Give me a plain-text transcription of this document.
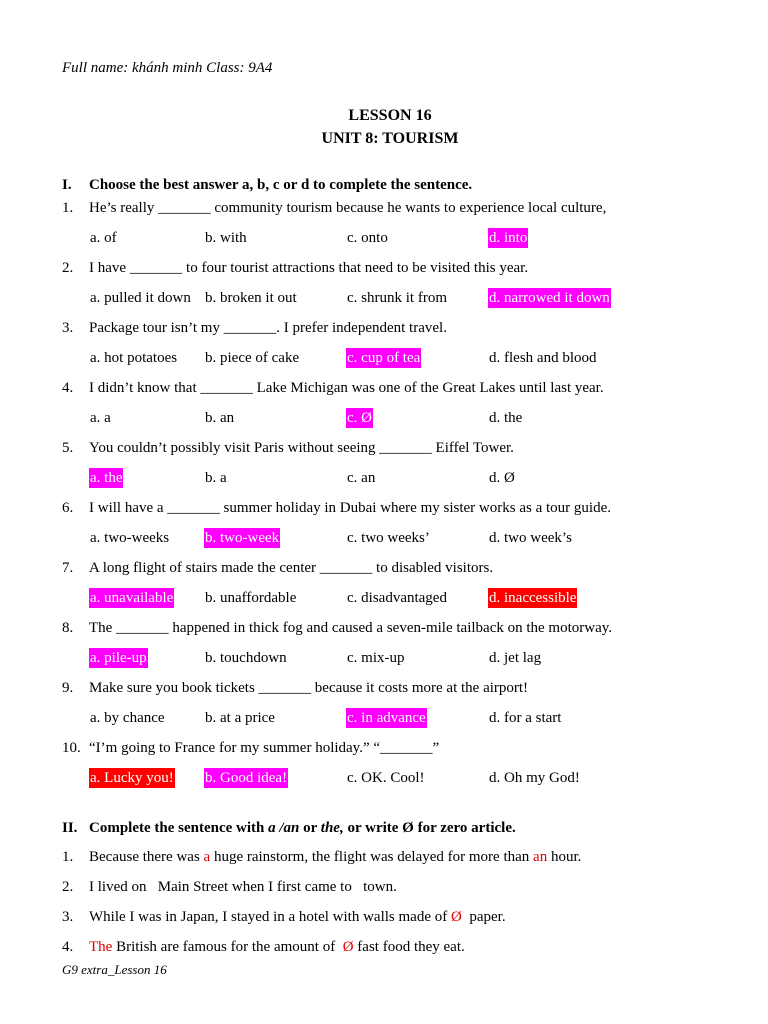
Full name: khánh minh Class: 9A4
LESSON 16
UNIT 8: TOURISM
I. Choose the best answer a, b, c or d to complete the sentence.
1. He’s really _______ community tourism because he wants to experience local culture,
a. of	b. with	c. onto	d. into
2. I have _______ to four tourist attractions that need to be visited this year.
a. pulled it down b. broken it out	c. shrunk it from	d. narrowed it down
3. Package tour isn’t my _______. I prefer independent travel.
a. hot potatoes b. piece of cake	c. cup of tea	d. flesh and blood
4. I didn’t know that _______ Lake Michigan was one of the Great Lakes until last year.
a. a	b. an	c. Ø	d. the
5. You couldn’t possibly visit Paris without seeing _______ Eiffel Tower.
a. the	b. a	c. an	d. Ø
6. I will have a _______ summer holiday in Dubai where my sister works as a tour guide.
a. two-weeks b. two-week	c. two weeks’	d. two week’s
7. A long flight of stairs made the center _______ to disabled visitors.
a. unavailable b. unaffordable	c. disadvantaged	d. inaccessible
8. The _______ happened in thick fog and caused a seven-mile tailback on the motorway.
a. pile-up	b. touchdown	c. mix-up	d. jet lag
9. Make sure you book tickets _______ because it costs more at the airport!
a. by chance	b. at a price	c. in advance	d. for a start
10. “I’m going to France for my summer holiday.” “_______”
a. Lucky you! b. Good idea!	c. OK. Cool!	d. Oh my God!
II. Complete the sentence with a /an or the, or write Ø for zero article.
1. Because there was a huge rainstorm, the flight was delayed for more than an hour.
2. I lived on   Main Street when I first came to   town.
3. While I was in Japan, I stayed in a hotel with walls made of Ø  paper.
4. The British are famous for the amount of  Ø fast food they eat.
G9 extra_Lesson 16
